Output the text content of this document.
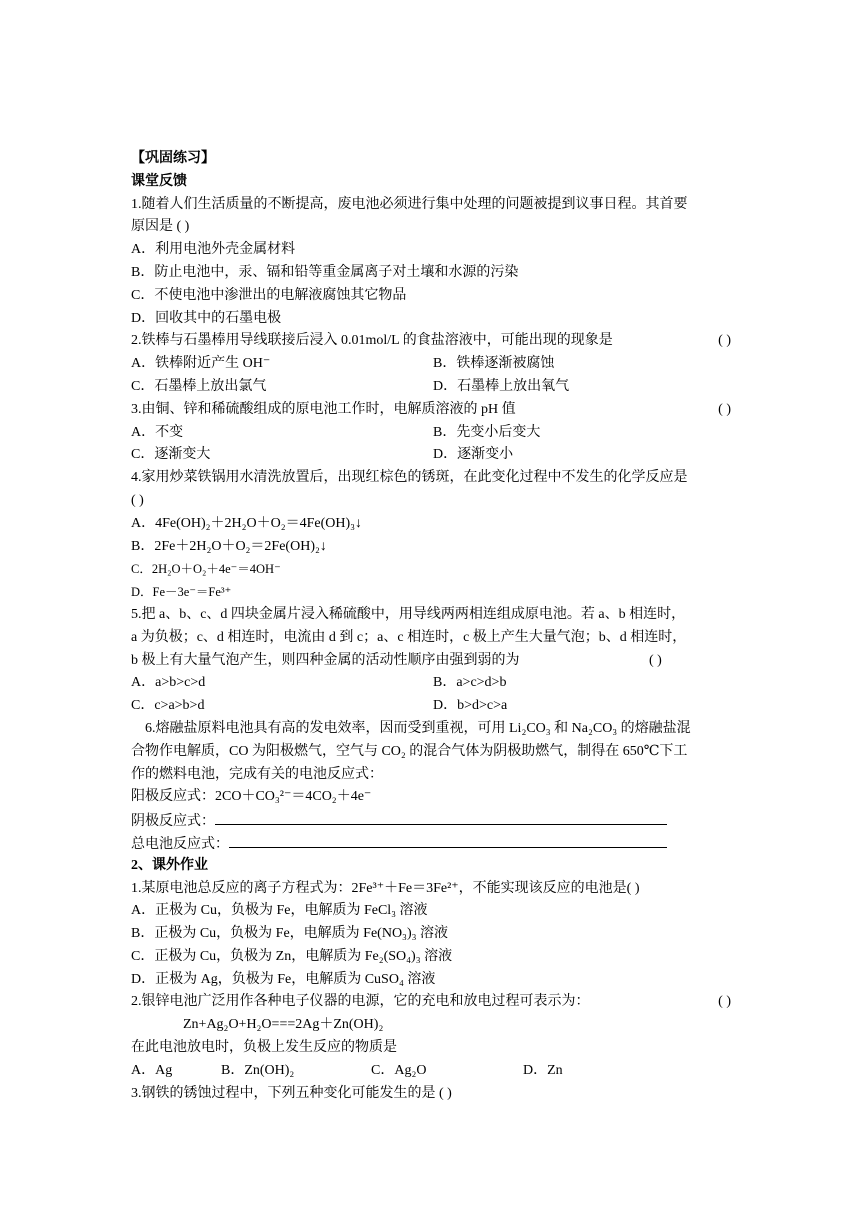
【巩固练习】
课堂反馈
1.随着人们生活质量的不断提高，废电池必须进行集中处理的问题被提到议事日程。其首要
原因是 ( )
A．利用电池外壳金属材料
B．防止电池中，汞、镉和铅等重金属离子对土壤和水源的污染
C．不使电池中渗泄出的电解液腐蚀其它物品
D．回收其中的石墨电极
2.铁棒与石墨棒用导线联接后浸入 0.01mol/L 的食盐溶液中，可能出现的现象是	( )
A．铁棒附近产生 OH⁻	B．铁棒逐渐被腐蚀
C．石墨棒上放出氯气	D．石墨棒上放出氧气
3.由铜、锌和稀硫酸组成的原电池工作时，电解质溶液的 pH 值	( )
A．不变	B．先变小后变大
C．逐渐变大	D．逐渐变小
4.家用炒菜铁锅用水清洗放置后，出现红棕色的锈斑，在此变化过程中不发生的化学反应是
( )
A．4Fe(OH)₂＋2H₂O＋O₂＝4Fe(OH)₃↓
B．2Fe＋2H₂O＋O₂＝2Fe(OH)₂↓
C．2H₂O＋O₂＋4e⁻＝4OH⁻
D．Fe－3e⁻＝Fe³⁺
5.把 a、b、c、d 四块金属片浸入稀硫酸中，用导线两两相连组成原电池。若 a、b 相连时，
a 为负极；c、d 相连时，电流由 d 到 c；a、c 相连时，c 极上产生大量气泡；b、d 相连时，
b 极上有大量气泡产生，则四种金属的活动性顺序由强到弱的为	( )
A．a>b>c>d	B．a>c>d>b
C．c>a>b>d	D．b>d>c>a
6.熔融盐原料电池具有高的发电效率，因而受到重视，可用 Li₂CO₃ 和 Na₂CO₃ 的熔融盐混
合物作电解质，CO 为阳极燃气，空气与 CO₂ 的混合气体为阴极助燃气，制得在 650℃下工
作的燃料电池，完成有关的电池反应式：
阳极反应式：2CO＋CO₃²⁻＝4CO₂＋4e⁻
阴极反应式：
总电池反应式：
2、课外作业
1.某原电池总反应的离子方程式为：2Fe³⁺＋Fe＝3Fe²⁺，不能实现该反应的电池是( )
A．正极为 Cu，负极为 Fe，电解质为 FeCl₃ 溶液
B．正极为 Cu，负极为 Fe，电解质为 Fe(NO₃)₃ 溶液
C．正极为 Cu，负极为 Zn，电解质为 Fe₂(SO₄)₃ 溶液
D．正极为 Ag，负极为 Fe，电解质为 CuSO₄ 溶液
2.银锌电池广泛用作各种电子仪器的电源，它的充电和放电过程可表示为：	( )
Zn+Ag₂O+H₂O===2Ag＋Zn(OH)₂
在此电池放电时，负极上发生反应的物质是
A．Ag	B．Zn(OH)₂	C．Ag₂O	D．Zn
3.钢铁的锈蚀过程中，下列五种变化可能发生的是 ( )
